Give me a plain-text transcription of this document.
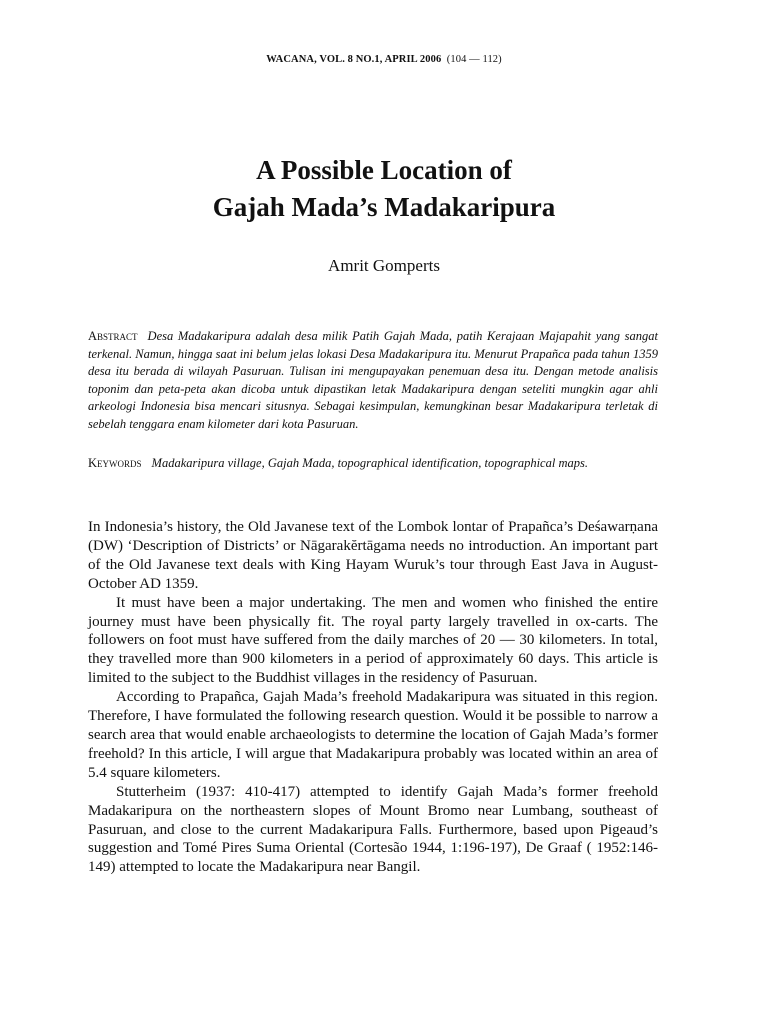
WACANA, VOL. 8 NO.1, APRIL 2006 (104 — 112)
A Possible Location of
Gajah Mada’s Madakaripura
Amrit Gomperts

Abstract Desa Madakaripura adalah desa milik Patih Gajah Mada, patih Kerajaan Majapahit yang sangat terkenal. Namun, hingga saat ini belum jelas lokasi Desa Madakaripura itu. Menurut Prapañca pada tahun 1359 desa itu berada di wilayah Pasuruan. Tulisan ini mengupayakan penemuan desa itu. Dengan metode analisis toponim dan peta-peta akan dicoba untuk dipastikan letak Madakaripura dengan seteliti mungkin agar ahli arkeologi Indonesia bisa mencari situsnya. Sebagai kesimpulan, kemungkinan besar Madakaripura terletak di sebelah tenggara enam kilometer dari kota Pasuruan.

Keywords Madakaripura village, Gajah Mada, topographical identification, topographical maps.

In Indonesia’s history, the Old Javanese text of the Lombok lontar of Prapañca’s Deśawarṇana (DW) ‘Description of Districts’ or Nāgarakĕrtāgama needs no introduction. An important part of the Old Javanese text deals with King Hayam Wuruk’s tour through East Java in August-October AD 1359.

It must have been a major undertaking. The men and women who finished the entire journey must have been physically fit. The royal party largely travelled in ox-carts. The followers on foot must have suffered from the daily marches of 20 — 30 kilometers. In total, they travelled more than 900 kilometers in a period of approximately 60 days. This article is limited to the subject to the Buddhist villages in the residency of Pasuruan.

According to Prapañca, Gajah Mada’s freehold Madakaripura was situated in this region. Therefore, I have formulated the following research question. Would it be possible to narrow a search area that would enable archaeologists to determine the location of Gajah Mada’s former freehold? In this article, I will argue that Madakaripura probably was located within an area of 5.4 square kilometers.

Stutterheim (1937: 410-417) attempted to identify Gajah Mada’s former freehold Madakaripura on the northeastern slopes of Mount Bromo near Lumbang, southeast of Pasuruan, and close to the current Madakaripura Falls. Furthermore, based upon Pigeaud’s suggestion and Tomé Pires Suma Oriental (Cortesão 1944, 1:196-197), De Graaf ( 1952:146-149) attempted to locate the Madakaripura near Bangil.
